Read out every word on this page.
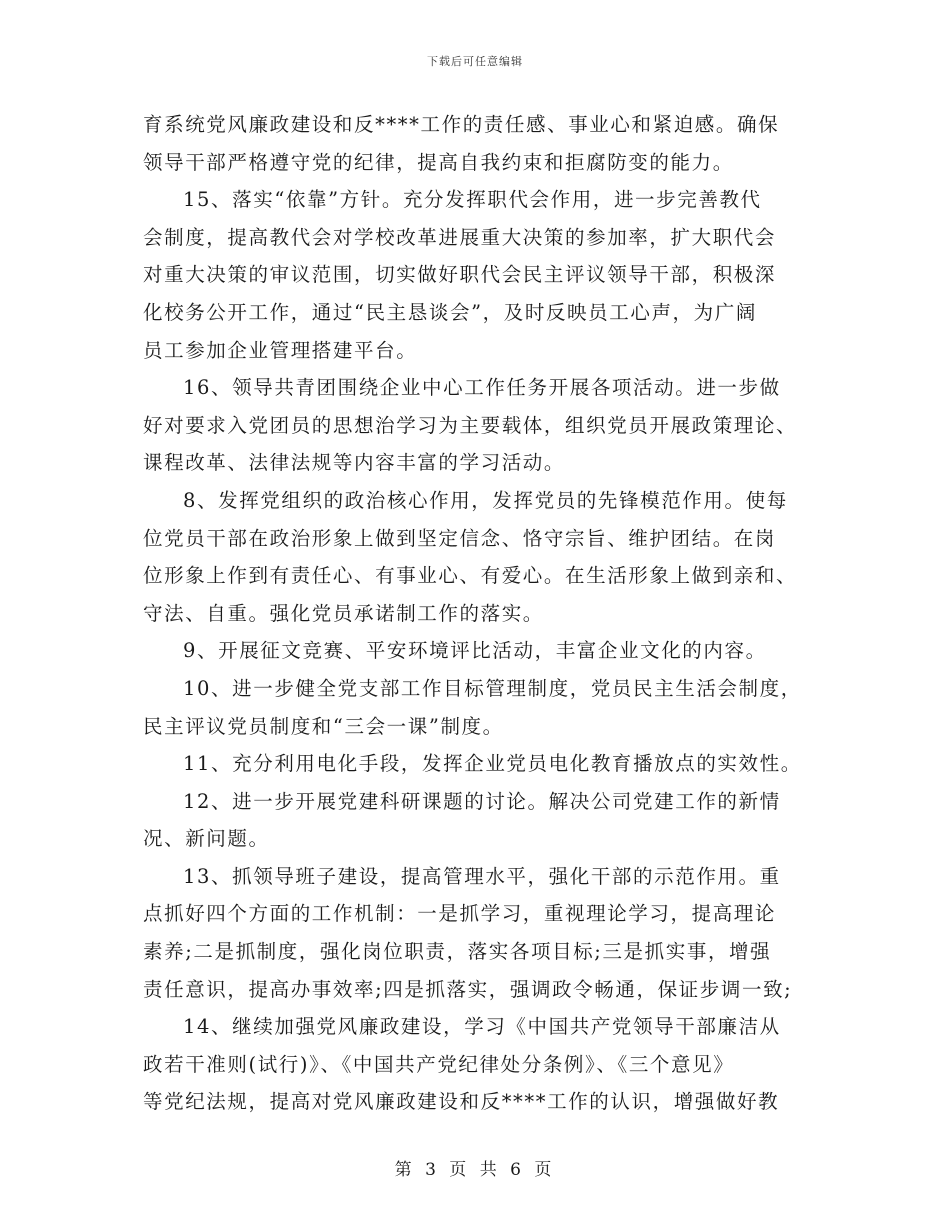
下载后可任意编辑
育系统党风廉政建设和反****工作的责任感、事业心和紧迫感。确保
领导干部严格遵守党的纪律，提高自我约束和拒腐防变的能力。
15、落实“依靠”方针。充分发挥职代会作用，进一步完善教代
会制度，提高教代会对学校改革进展重大决策的参加率，扩大职代会
对重大决策的审议范围，切实做好职代会民主评议领导干部，积极深
化校务公开工作，通过“民主恳谈会”，及时反映员工心声，为广阔
员工参加企业管理搭建平台。
16、领导共青团围绕企业中心工作任务开展各项活动。进一步做
好对要求入党团员的思想治学习为主要载体，组织党员开展政策理论、
课程改革、法律法规等内容丰富的学习活动。
8、发挥党组织的政治核心作用，发挥党员的先锋模范作用。使每
位党员干部在政治形象上做到坚定信念、恪守宗旨、维护团结。在岗
位形象上作到有责任心、有事业心、有爱心。在生活形象上做到亲和、
守法、自重。强化党员承诺制工作的落实。
9、开展征文竞赛、平安环境评比活动，丰富企业文化的内容。
10、进一步健全党支部工作目标管理制度，党员民主生活会制度，
民主评议党员制度和“三会一课”制度。
11、充分利用电化手段，发挥企业党员电化教育播放点的实效性。
12、进一步开展党建科研课题的讨论。解决公司党建工作的新情
况、新问题。
13、抓领导班子建设，提高管理水平，强化干部的示范作用。重
点抓好四个方面的工作机制：一是抓学习，重视理论学习，提高理论
素养;二是抓制度，强化岗位职责，落实各项目标;三是抓实事，增强
责任意识，提高办事效率;四是抓落实，强调政令畅通，保证步调一致;
14、继续加强党风廉政建设，学习《中国共产党领导干部廉洁从
政若干准则(试行)》、《中国共产党纪律处分条例》、《三个意见》
等党纪法规，提高对党风廉政建设和反****工作的认识，增强做好教
第 3 页 共 6 页
